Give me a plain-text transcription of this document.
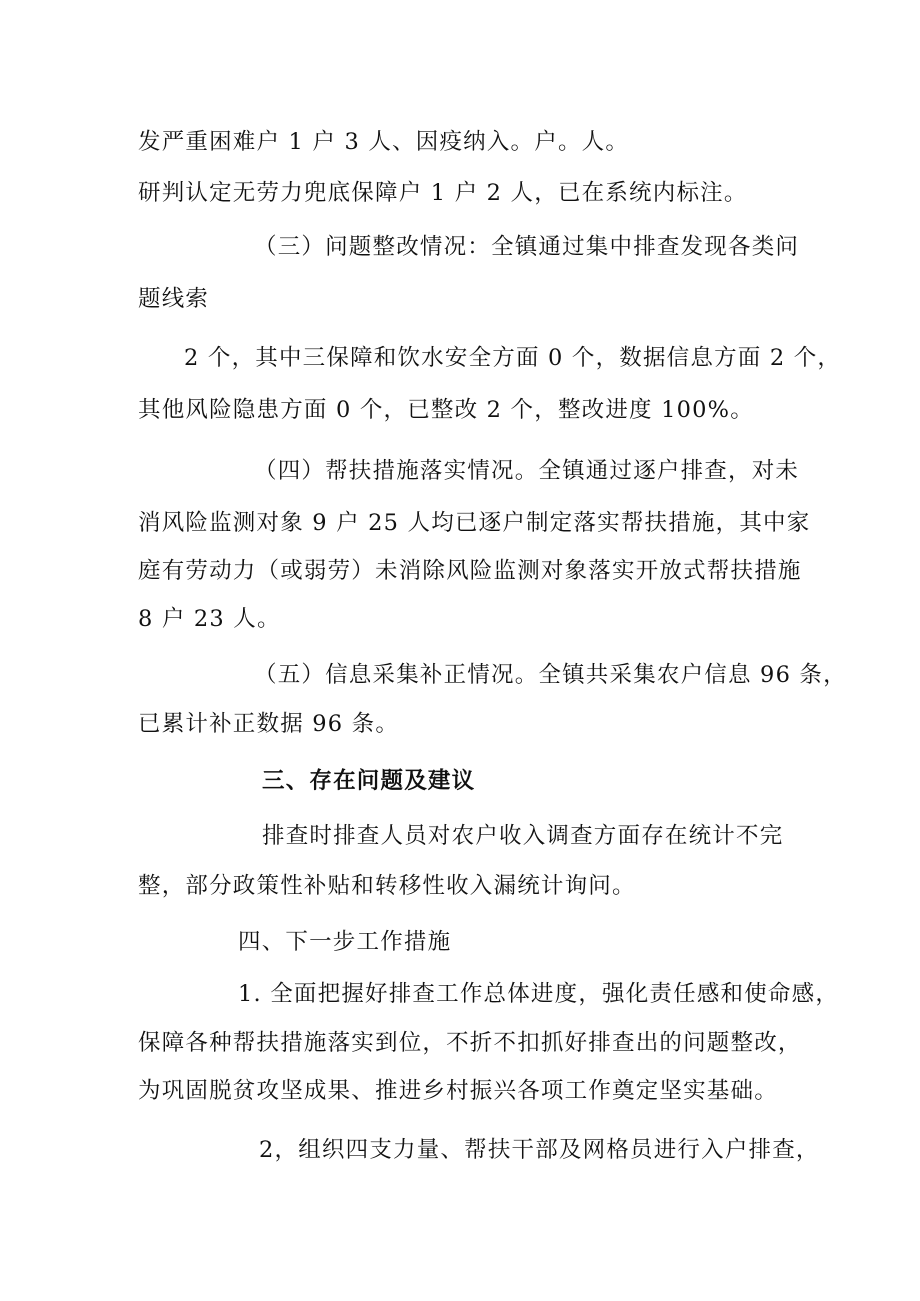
发严重困难户 1 户 3 人、因疫纳入。户。人。

研判认定无劳力兜底保障户 1 户 2 人，已在系统内标注。

（三）问题整改情况：全镇通过集中排查发现各类问

题线索

2 个，其中三保障和饮水安全方面 0 个，数据信息方面 2 个，

其他风险隐患方面 0 个，已整改 2 个，整改进度 100%。

（四）帮扶措施落实情况。全镇通过逐户排查，对未

消风险监测对象 9 户 25 人均已逐户制定落实帮扶措施，其中家

庭有劳动力（或弱劳）未消除风险监测对象落实开放式帮扶措施

8 户 23 人。

（五）信息采集补正情况。全镇共采集农户信息 96 条，

已累计补正数据 96 条。

三、存在问题及建议

排查时排查人员对农户收入调查方面存在统计不完

整，部分政策性补贴和转移性收入漏统计询问。

四、下一步工作措施

1. 全面把握好排查工作总体进度，强化责任感和使命感，

保障各种帮扶措施落实到位，不折不扣抓好排查出的问题整改，

为巩固脱贫攻坚成果、推进乡村振兴各项工作奠定坚实基础。

2，组织四支力量、帮扶干部及网格员进行入户排查，
